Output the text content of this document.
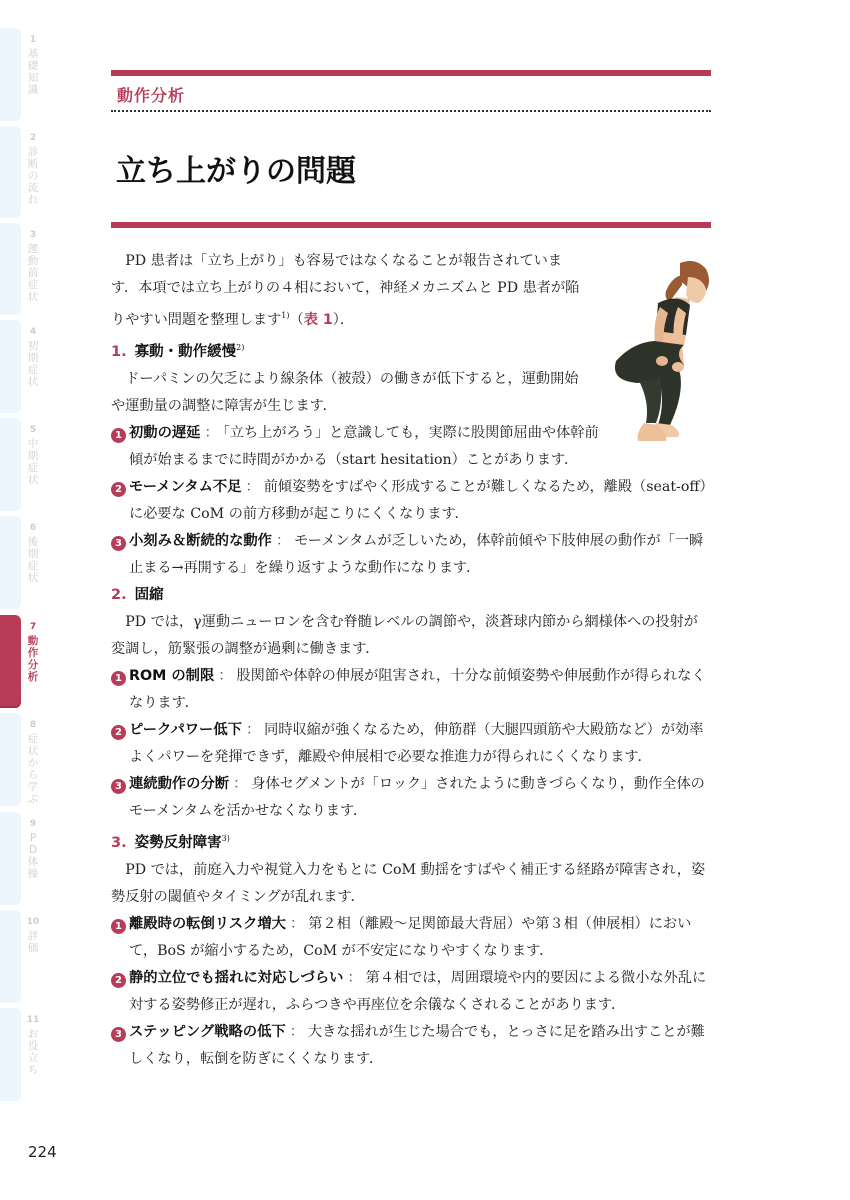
1
基礎知識
2
診断の流れ
3
運動前症状
4
初期症状
5
中期症状
6
後期症状
7
動作分析
8
症状から学ぶ
9
PD体操
10
評価
11
お役立ち
動作分析
立ち上がりの問題

PD 患者は「立ち上がり」も容易ではなくなることが報告されています．本項では立ち上がりの４相において，神経メカニズムと PD 患者が陥りやすい問題を整理します$^{1)}$（表 1）．

1. 寡動・動作緩慢$^{2)}$

ドーパミンの欠乏により線条体（被殻）の働きが低下すると，運動開始や運動量の調整に障害が生じます．

1 初動の遅延 ： 「立ち上がろう」と意識しても，実際に股関節屈曲や体幹前傾が始まるまでに時間がかかる（start hesitation）ことがあります．

2 モーメンタム不足 ： 前傾姿勢をすばやく形成することが難しくなるため，離殿（seat-off）に必要な CoM の前方移動が起こりにくくなります．

3 小刻み＆断続的な動作 ： モーメンタムが乏しいため，体幹前傾や下肢伸展の動作が「一瞬止まる→再開する」を繰り返すような動作になります．

2. 固縮

PD では，γ運動ニューロンを含む脊髄レベルの調節や，淡蒼球内節から網様体への投射が変調し，筋緊張の調整が過剰に働きます．

1 ROM の制限 ： 股関節や体幹の伸展が阻害され，十分な前傾姿勢や伸展動作が得られなくなります．

2 ピークパワー低下 ： 同時収縮が強くなるため，伸筋群（大腿四頭筋や大殿筋など）が効率よくパワーを発揮できず，離殿や伸展相で必要な推進力が得られにくくなります．

3 連続動作の分断 ： 身体セグメントが「ロック」されたように動きづらくなり，動作全体のモーメンタムを活かせなくなります．

3. 姿勢反射障害$^{3)}$

PD では，前庭入力や視覚入力をもとに CoM 動揺をすばやく補正する経路が障害され，姿勢反射の閾値やタイミングが乱れます．

1 離殿時の転倒リスク増大 ： 第２相（離殿～足関節最大背屈）や第３相（伸展相）において，BoS が縮小するため，CoM が不安定になりやすくなります．

2 静的立位でも揺れに対応しづらい ： 第４相では，周囲環境や内的要因による微小な外乱に対する姿勢修正が遅れ，ふらつきや再座位を余儀なくされることがあります．

3 ステッピング戦略の低下 ： 大きな揺れが生じた場合でも，とっさに足を踏み出すことが難しくなり，転倒を防ぎにくくなります．

224
